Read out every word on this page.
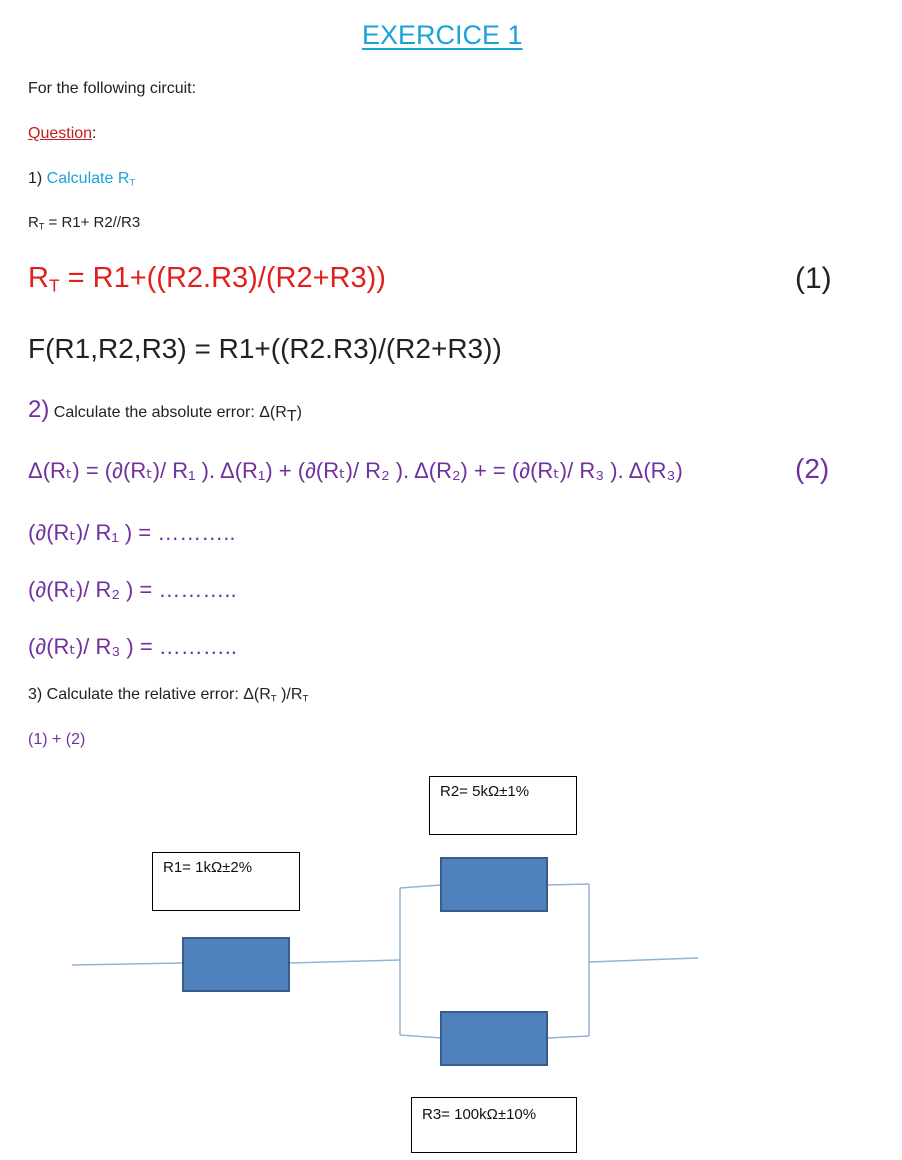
EXERCICE 1
For the following circuit:
Question:
1) Calculate $R_T$
$R_T = R1+ R2//R3$
$R_T = R1+((R2.R3)/(R2+R3))$	(1)
F(R1,R2,R3) = R1+((R2.R3)/(R2+R3))
2) Calculate the absolute error: $\Delta(R_T)$
Δ(Rₜ) = (∂(Rₜ)/ R₁ ). Δ(R₁) + (∂(Rₜ)/ R₂ ). Δ(R₂) + = (∂(Rₜ)/ R₃ ). Δ(R₃)	(2)
(∂(Rₜ)/ R₁ ) = ………..
(∂(Rₜ)/ R₂ ) = ………..
(∂(Rₜ)/ R₃ ) = ………..
3) Calculate the relative error: $\Delta(R_T$ )$/R_T$
(1) + (2)
R2= 5kΩ±1%
R1= 1kΩ±2%
R3= 100kΩ±10%
